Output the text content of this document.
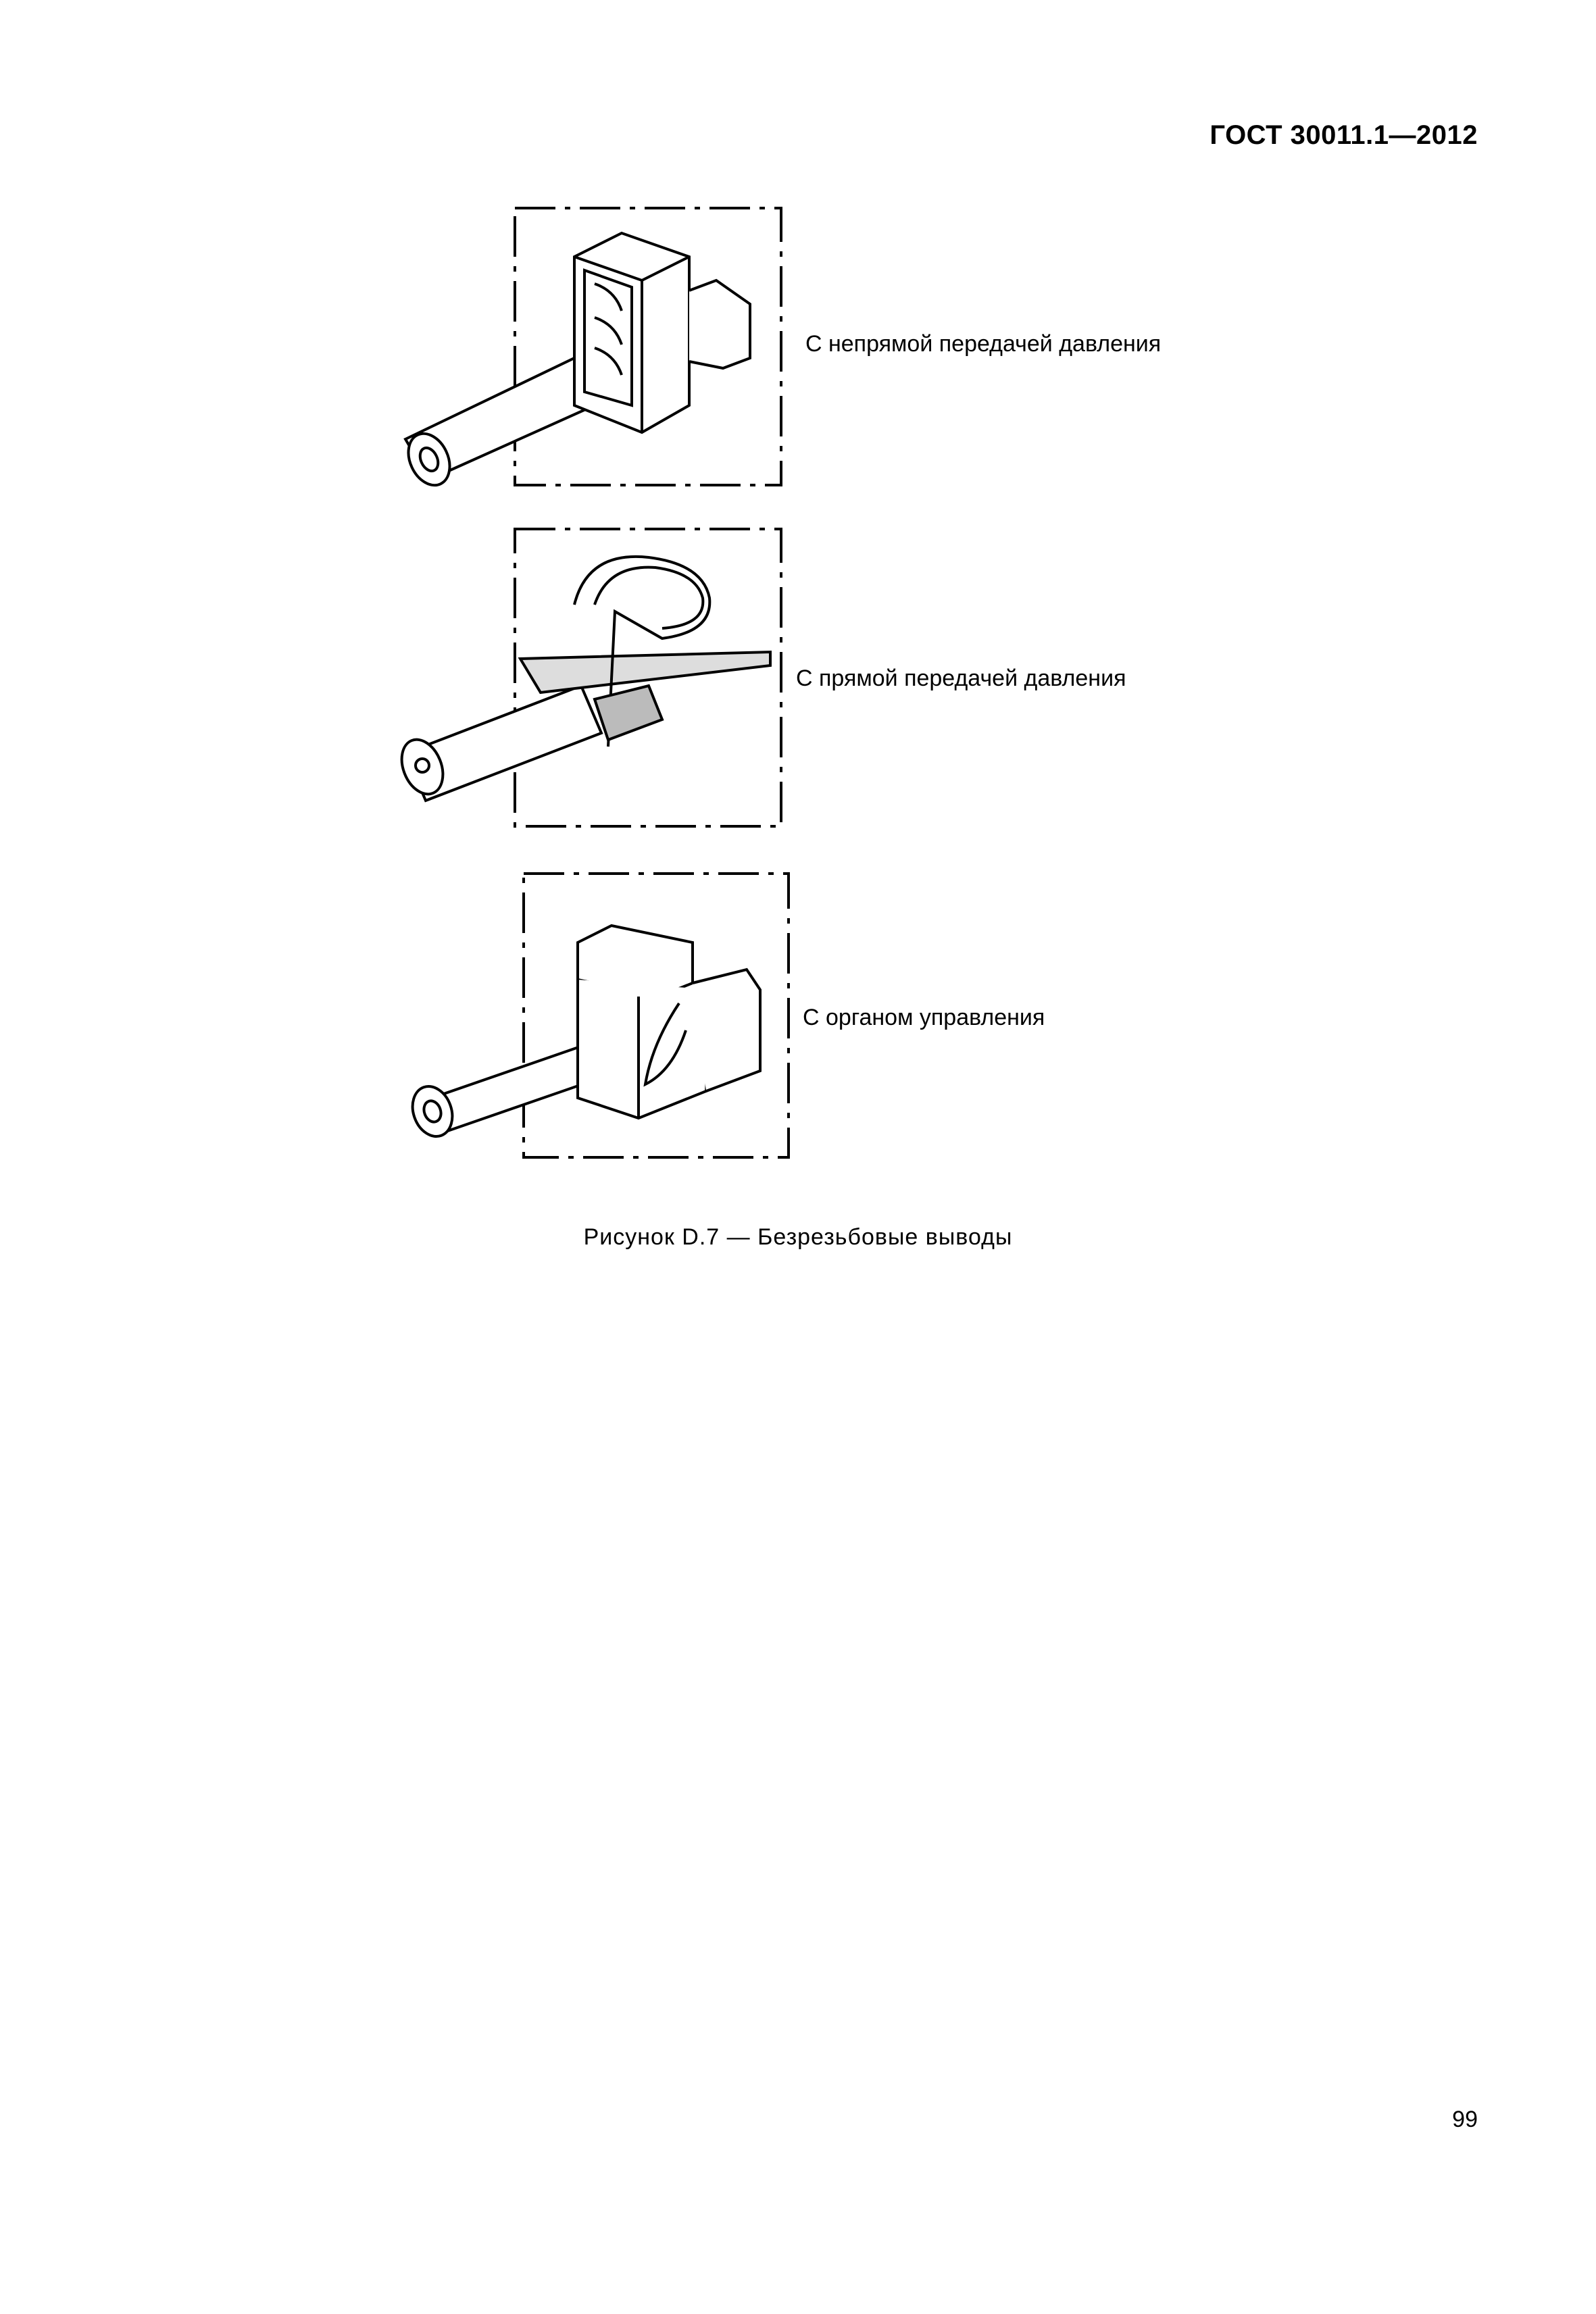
ГОСТ 30011.1—2012
С непрямой передачей давления
С прямой передачей давления
С органом управления
Рисунок D.7 — Безрезьбовые выводы
99
